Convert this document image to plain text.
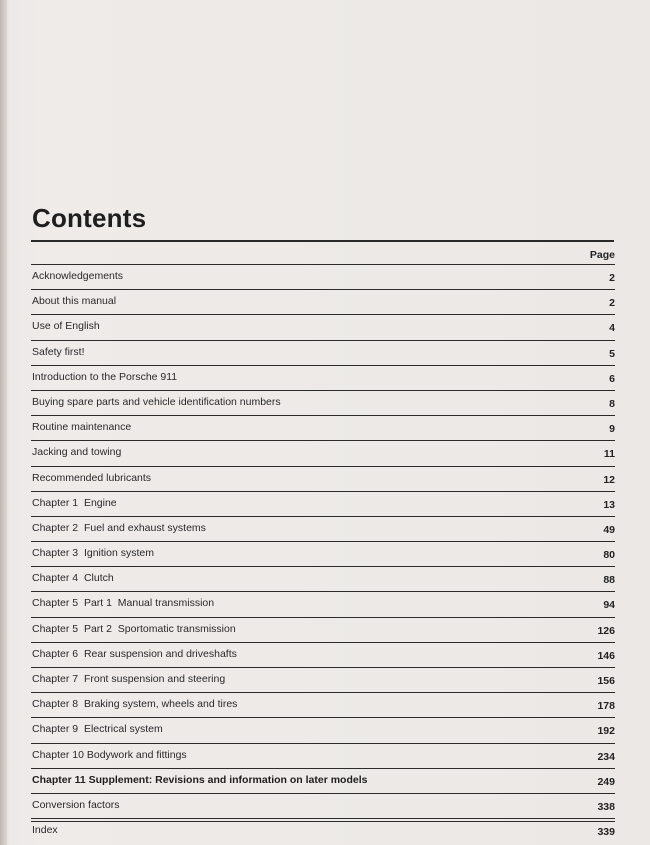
Contents
Page
Acknowledgements	2
About this manual	2
Use of English	4
Safety first!	5
Introduction to the Porsche 911	6
Buying spare parts and vehicle identification numbers	8
Routine maintenance	9
Jacking and towing	11
Recommended lubricants	12
Chapter 1  Engine	13
Chapter 2  Fuel and exhaust systems	49
Chapter 3  Ignition system	80
Chapter 4  Clutch	88
Chapter 5  Part 1  Manual transmission	94
Chapter 5  Part 2  Sportomatic transmission	126
Chapter 6  Rear suspension and driveshafts	146
Chapter 7  Front suspension and steering	156
Chapter 8  Braking system, wheels and tires	178
Chapter 9  Electrical system	192
Chapter 10 Bodywork and fittings	234
Chapter 11 Supplement: Revisions and information on later models	249
Conversion factors	338
Index	339
